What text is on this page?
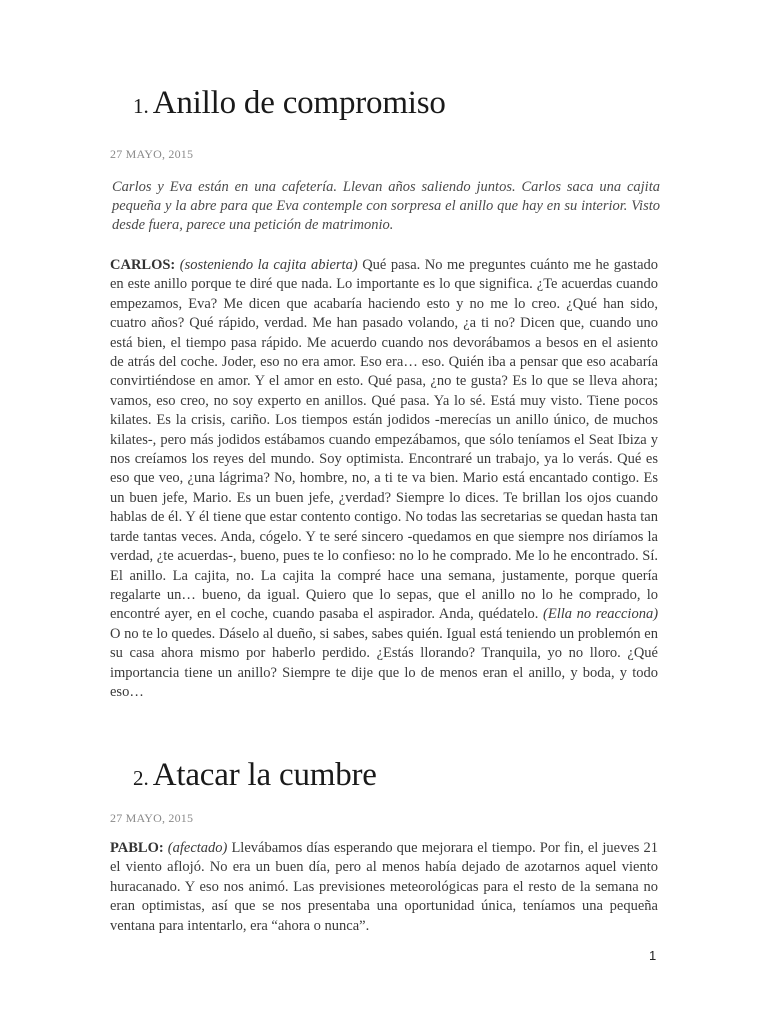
1. Anillo de compromiso
27 MAYO, 2015

Carlos y Eva están en una cafetería. Llevan años saliendo juntos. Carlos saca una cajita pequeña y la abre para que Eva contemple con sorpresa el anillo que hay en su interior. Visto desde fuera, parece una petición de matrimonio.

CARLOS: (sosteniendo la cajita abierta) Qué pasa. No me preguntes cuánto me he gastado en este anillo porque te diré que nada. Lo importante es lo que significa. ¿Te acuerdas cuando empezamos, Eva? Me dicen que acabaría haciendo esto y no me lo creo. ¿Qué han sido, cuatro años? Qué rápido, verdad. Me han pasado volando, ¿a ti no? Dicen que, cuando uno está bien, el tiempo pasa rápido. Me acuerdo cuando nos devorábamos a besos en el asiento de atrás del coche. Joder, eso no era amor. Eso era… eso. Quién iba a pensar que eso acabaría convirtiéndose en amor. Y el amor en esto. Qué pasa, ¿no te gusta? Es lo que se lleva ahora; vamos, eso creo, no soy experto en anillos. Qué pasa. Ya lo sé. Está muy visto. Tiene pocos kilates. Es la crisis, cariño. Los tiempos están jodidos -merecías un anillo único, de muchos kilates-, pero más jodidos estábamos cuando empezábamos, que sólo teníamos el Seat Ibiza y nos creíamos los reyes del mundo. Soy optimista. Encontraré un trabajo, ya lo verás. Qué es eso que veo, ¿una lágrima? No, hombre, no, a ti te va bien. Mario está encantado contigo. Es un buen jefe, Mario. Es un buen jefe, ¿verdad? Siempre lo dices. Te brillan los ojos cuando hablas de él. Y él tiene que estar contento contigo. No todas las secretarias se quedan hasta tan tarde tantas veces. Anda, cógelo. Y te seré sincero -quedamos en que siempre nos diríamos la verdad, ¿te acuerdas-, bueno, pues te lo confieso: no lo he comprado. Me lo he encontrado. Sí. El anillo. La cajita, no. La cajita la compré hace una semana, justamente, porque quería regalarte un… bueno, da igual. Quiero que lo sepas, que el anillo no lo he comprado, lo encontré ayer, en el coche, cuando pasaba el aspirador. Anda, quédatelo. (Ella no reacciona) O no te lo quedes. Dáselo al dueño, si sabes, sabes quién. Igual está teniendo un problemón en su casa ahora mismo por haberlo perdido. ¿Estás llorando? Tranquila, yo no lloro. ¿Qué importancia tiene un anillo? Siempre te dije que lo de menos eran el anillo, y boda, y todo eso…

2. Atacar la cumbre
27 MAYO, 2015

PABLO: (afectado) Llevábamos días esperando que mejorara el tiempo. Por fin, el jueves 21 el viento aflojó. No era un buen día, pero al menos había dejado de azotarnos aquel viento huracanado. Y eso nos animó. Las previsiones meteorológicas para el resto de la semana no eran optimistas, así que se nos presentaba una oportunidad única, teníamos una pequeña ventana para intentarlo, era “ahora o nunca”.

1
